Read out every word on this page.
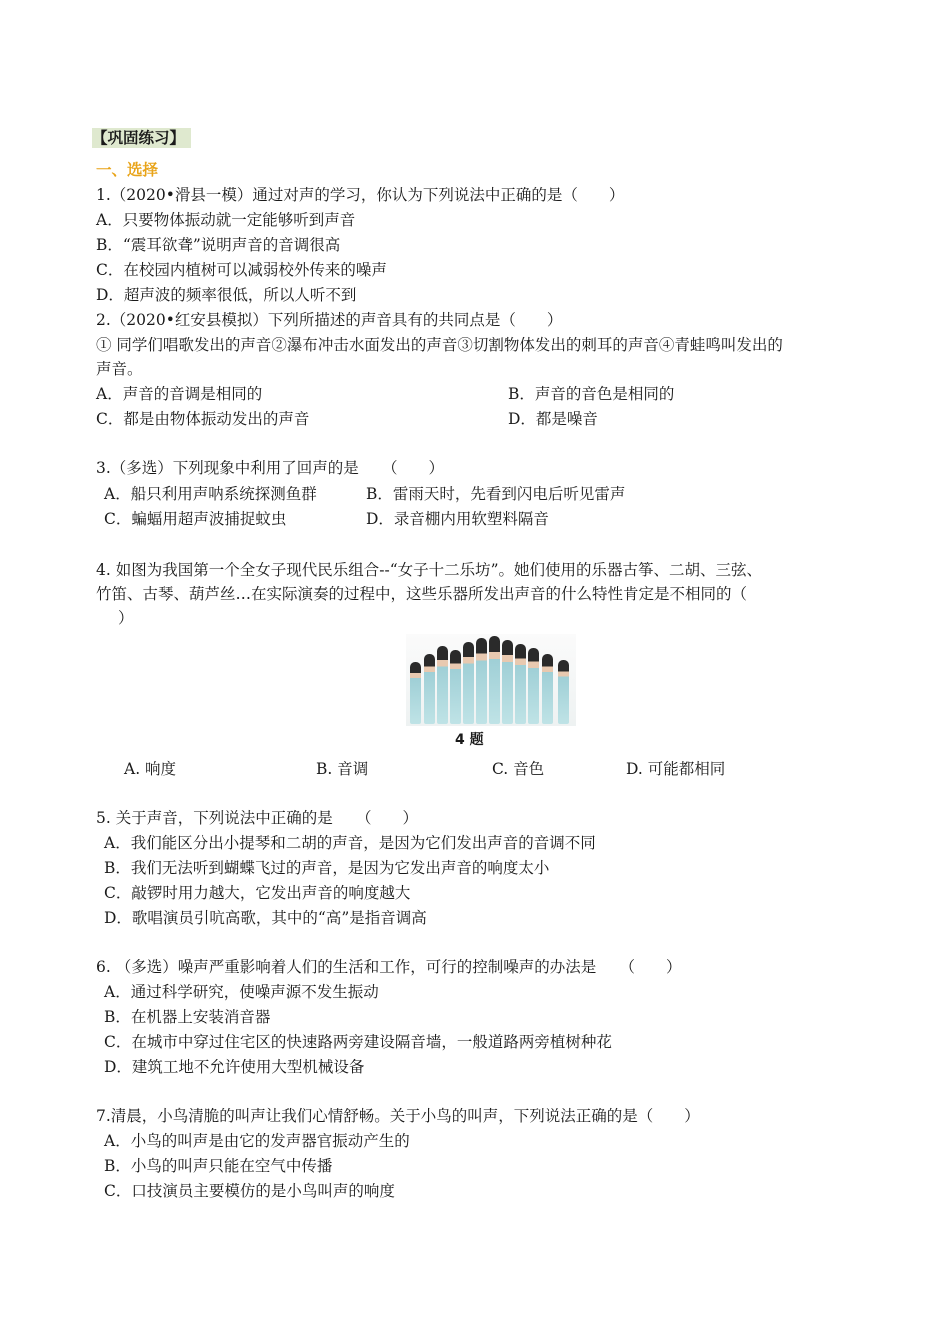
【巩固练习】
一、选择
1.（2020•滑县一模）通过对声的学习，你认为下列说法中正确的是（　　）
A．只要物体振动就一定能够听到声音
B．“震耳欲聋”说明声音的音调很高
C．在校园内植树可以减弱校外传来的噪声
D．超声波的频率很低，所以人听不到
2.（2020•红安县模拟）下列所描述的声音具有的共同点是（　　）
① 同学们唱歌发出的声音②瀑布冲击水面发出的声音③切割物体发出的刺耳的声音④青蛙鸣叫发出的
声音。
A．声音的音调是相同的	B．声音的音色是相同的
C．都是由物体振动发出的声音	D．都是噪音
3.（多选）下列现象中利用了回声的是　　（　　）
A．船只利用声呐系统探测鱼群	B．雷雨天时，先看到闪电后听见雷声
C．蝙蝠用超声波捕捉蚊虫	D．录音棚内用软塑料隔音
4. 如图为我国第一个全女子现代民乐组合--“女子十二乐坊”。她们使用的乐器古筝、二胡、三弦、
竹笛、古琴、葫芦丝…在实际演奏的过程中，这些乐器所发出声音的什么特性肯定是不相同的（
）
4 题
A. 响度	B. 音调	C. 音色	D. 可能都相同
5. 关于声音，下列说法中正确的是　　（　　）
A．我们能区分出小提琴和二胡的声音，是因为它们发出声音的音调不同
B．我们无法听到蝴蝶飞过的声音，是因为它发出声音的响度太小
C．敲锣时用力越大，它发出声音的响度越大
D．歌唱演员引吭高歌，其中的“高”是指音调高
6. （多选）噪声严重影响着人们的生活和工作，可行的控制噪声的办法是　　（　　）
A．通过科学研究，使噪声源不发生振动
B．在机器上安装消音器
C．在城市中穿过住宅区的快速路两旁建设隔音墙，一般道路两旁植树种花
D．建筑工地不允许使用大型机械设备
7.清晨，小鸟清脆的叫声让我们心情舒畅。关于小鸟的叫声，下列说法正确的是（　　）
A．小鸟的叫声是由它的发声器官振动产生的
B．小鸟的叫声只能在空气中传播
C．口技演员主要模仿的是小鸟叫声的响度
